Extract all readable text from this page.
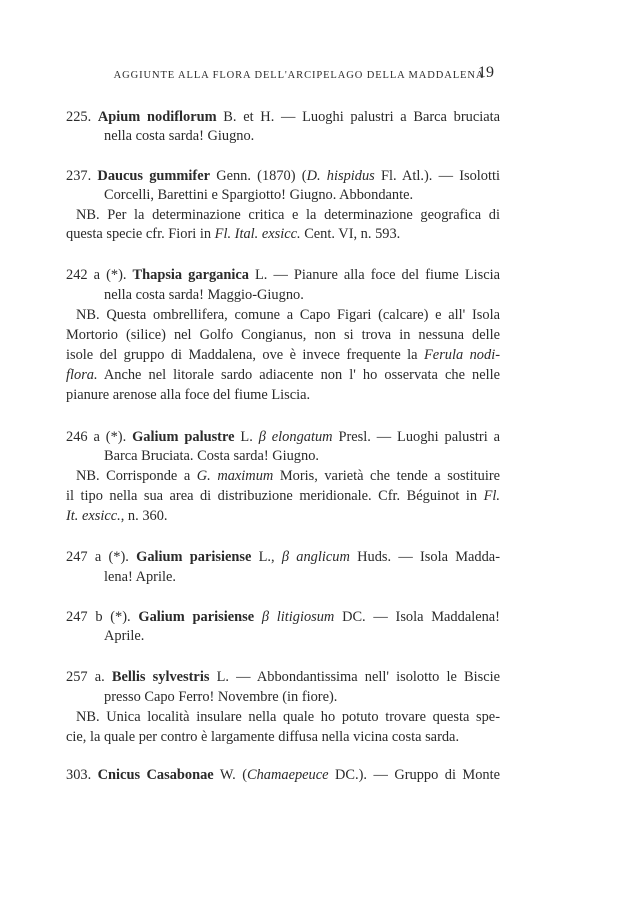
AGGIUNTE ALLA FLORA DELL'ARCIPELAGO DELLA MADDALENA
19
225. Apium nodiflorum B. et H. — Luoghi palustri a Barca bruciata
nella costa sarda! Giugno.
237. Daucus gummifer Genn. (1870) (D. hispidus Fl. Atl.). — Isolotti
Corcelli, Barettini e Spargiotto! Giugno. Abbondante.
NB. Per la determinazione critica e la determinazione geografica di
questa specie cfr. Fiori in Fl. Ital. exsicc. Cent. VI, n. 593.
242 a (*). Thapsia garganica L. — Pianure alla foce del fiume Liscia
nella costa sarda! Maggio-Giugno.
NB. Questa ombrellifera, comune a Capo Figari (calcare) e all' Isola
Mortorio (silice) nel Golfo Congianus, non si trova in nessuna delle
isole del gruppo di Maddalena, ove è invece frequente la Ferula nodi-
flora. Anche nel litorale sardo adiacente non l' ho osservata che nelle
pianure arenose alla foce del fiume Liscia.
246 a (*). Galium palustre L. β elongatum Presl. — Luoghi palustri a
Barca Bruciata. Costa sarda! Giugno.
NB. Corrisponde a G. maximum Moris, varietà che tende a sostituire
il tipo nella sua area di distribuzione meridionale. Cfr. Béguinot in Fl.
It. exsicc., n. 360.
247 a (*). Galium parisiense L., β anglicum Huds. — Isola Madda-
lena! Aprile.
247 b (*). Galium parisiense β litigiosum DC. — Isola Maddalena!
Aprile.
257 a. Bellis sylvestris L. — Abbondantissima nell' isolotto le Biscie
presso Capo Ferro! Novembre (in fiore).
NB. Unica località insulare nella quale ho potuto trovare questa spe-
cie, la quale per contro è largamente diffusa nella vicina costa sarda.
303. Cnicus Casabonae W. (Chamaepeuce DC.). — Gruppo di Monte
